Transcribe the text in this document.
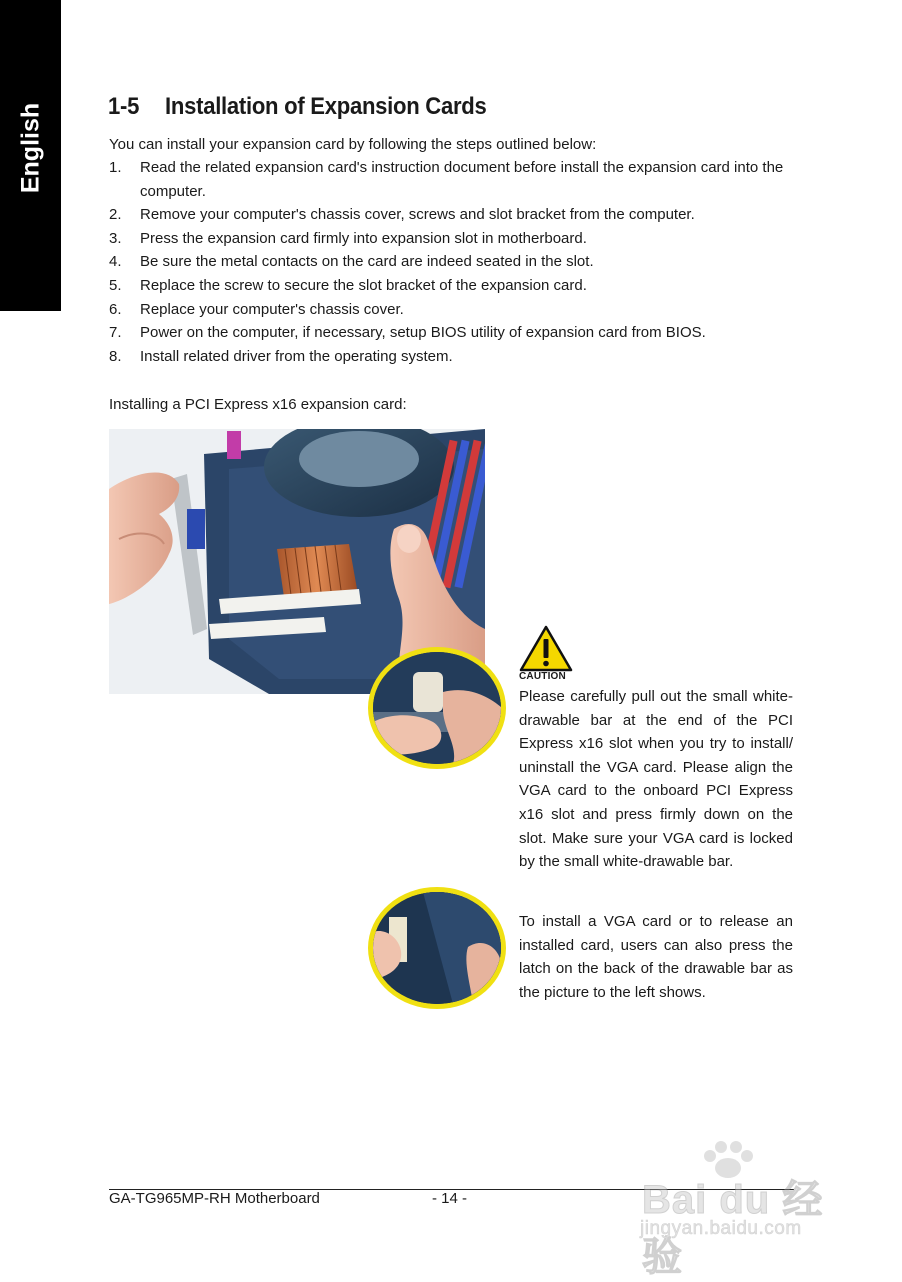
English	1-5 Installation of Expansion Cards
You can install your expansion card by following the steps outlined below:
1.	Read the related expansion card's instruction document before install the expansion card into the computer.
2.	Remove your computer's chassis cover, screws and slot bracket from the computer.
3.	Press the expansion card firmly into expansion slot in motherboard.
4.	Be sure the metal contacts on the card are indeed seated in the slot.
5.	Replace the screw to secure the slot bracket of the expansion card.
6.	Replace your computer's chassis cover.
7.	Power on the computer, if necessary, setup BIOS utility of expansion card from BIOS.
8.	Install related driver from the operating system.
Installing a PCI Express x16 expansion card:
CAUTION
Please carefully pull out the small white-drawable bar at the end of the PCI Express x16 slot when you try to install/ uninstall the VGA card. Please align the VGA card to the onboard PCI Express x16 slot and press firmly down on the slot. Make sure your VGA card is locked by the small white-drawable bar.
To install a VGA card or to release an installed card, users can also press the latch on the back of the drawable bar as the picture to the left shows.
GA-TG965MP-RH Motherboard	- 14 -	Bai du 经验
jingyan.baidu.com
